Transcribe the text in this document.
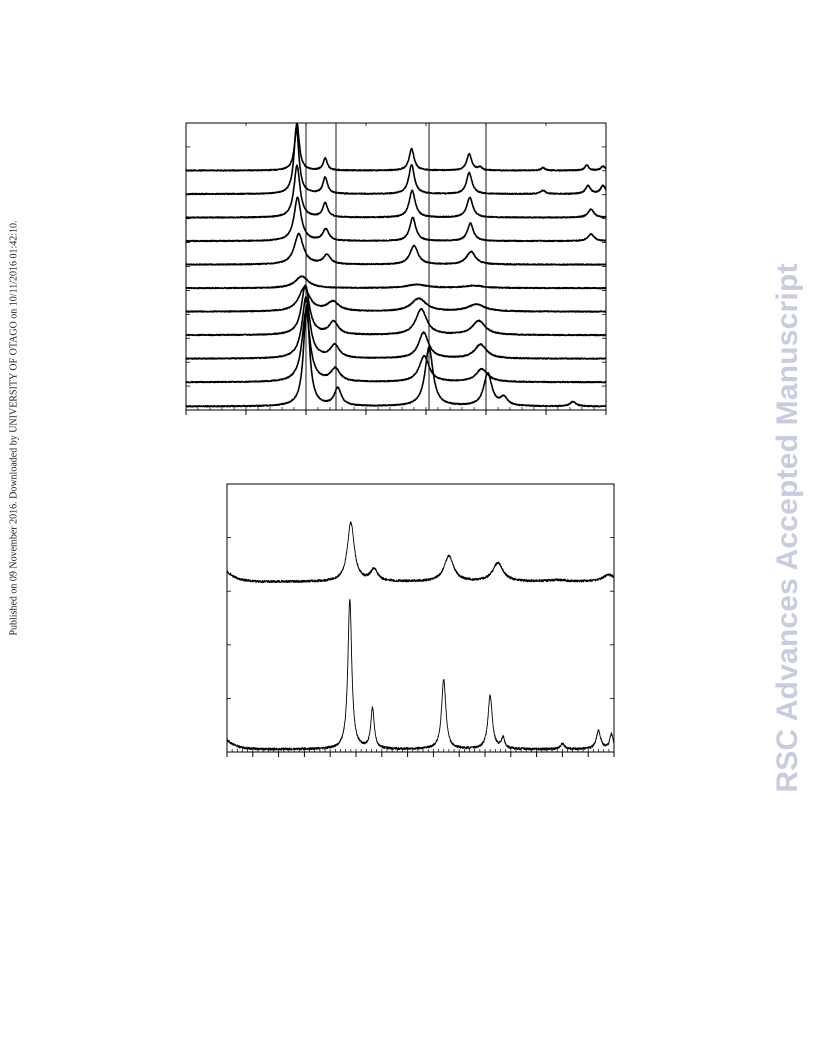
Published on 09 November 2016. Downloaded by UNIVERSITY OF OTAGO on 10/11/2016 01:42:10.	RSC Advances Accepted Manuscript
